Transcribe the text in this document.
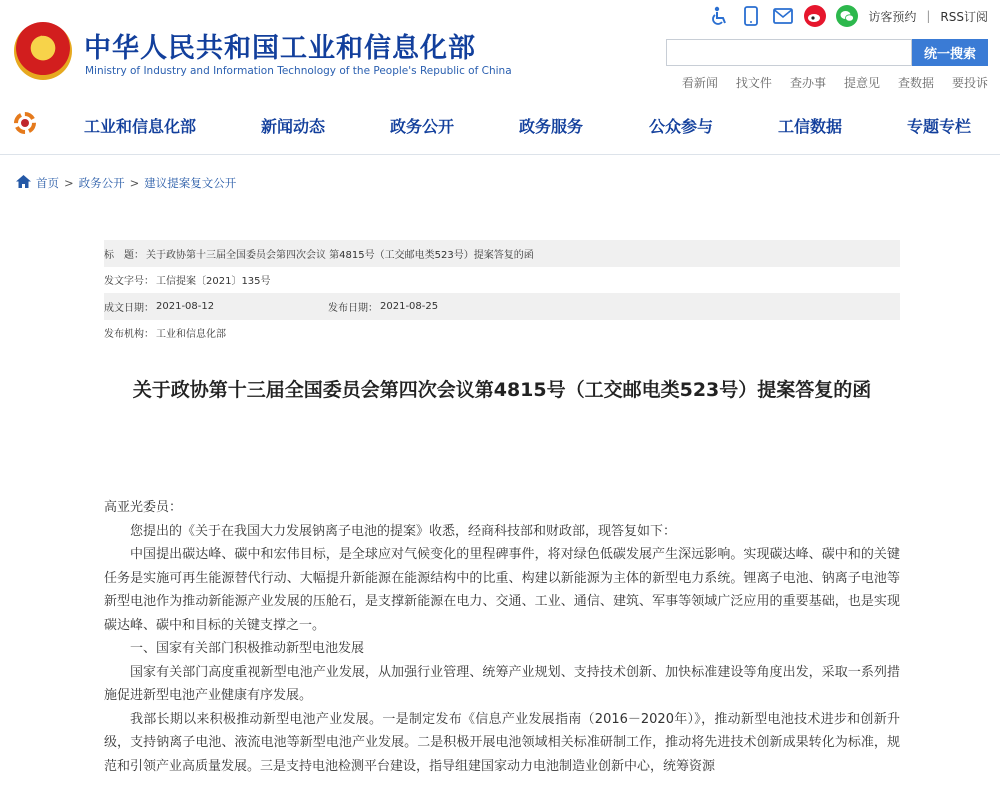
★ 中华人民共和国工业和信息化部
Ministry of Industry and Information Technology of the People's Republic of China
访客预约 | RSS订阅
统一搜索
看新闻 找文件 查办事 提意见 查数据 要投诉
工业和信息化部	新闻动态	政务公开	政务服务	公众参与	工信数据	专题专栏
首页 > 政务公开 > 建议提案复文公开
标　题： 关于政协第十三届全国委员会第四次会议 第4815号（工交邮电类523号）提案答复的函
发文字号： 工信提案〔2021〕135号
成文日期： 2021-08-12	发布日期： 2021-08-25
发布机构： 工业和信息化部
关于政协第十三届全国委员会第四次会议第4815号（工交邮电类523号）提案答复的函

高亚光委员：

您提出的《关于在我国大力发展钠离子电池的提案》收悉，经商科技部和财政部，现答复如下：

中国提出碳达峰、碳中和宏伟目标，是全球应对气候变化的里程碑事件，将对绿色低碳发展产生深远影响。实现碳达峰、碳中和的关键任务是实施可再生能源替代行动、大幅提升新能源在能源结构中的比重、构建以新能源为主体的新型电力系统。锂离子电池、钠离子电池等新型电池作为推动新能源产业发展的压舱石，是支撑新能源在电力、交通、工业、通信、建筑、军事等领域广泛应用的重要基础，也是实现碳达峰、碳中和目标的关键支撑之一。

一、国家有关部门积极推动新型电池发展

国家有关部门高度重视新型电池产业发展，从加强行业管理、统筹产业规划、支持技术创新、加快标准建设等角度出发，采取一系列措施促进新型电池产业健康有序发展。

我部长期以来积极推动新型电池产业发展。一是制定发布《信息产业发展指南（2016－2020年）》，推动新型电池技术进步和创新升级，支持钠离子电池、液流电池等新型电池产业发展。二是积极开展电池领域相关标准研制工作，推动将先进技术创新成果转化为标准，规范和引领产业高质量发展。三是支持电池检测平台建设，指导组建国家动力电池制造业创新中心，统筹资源
